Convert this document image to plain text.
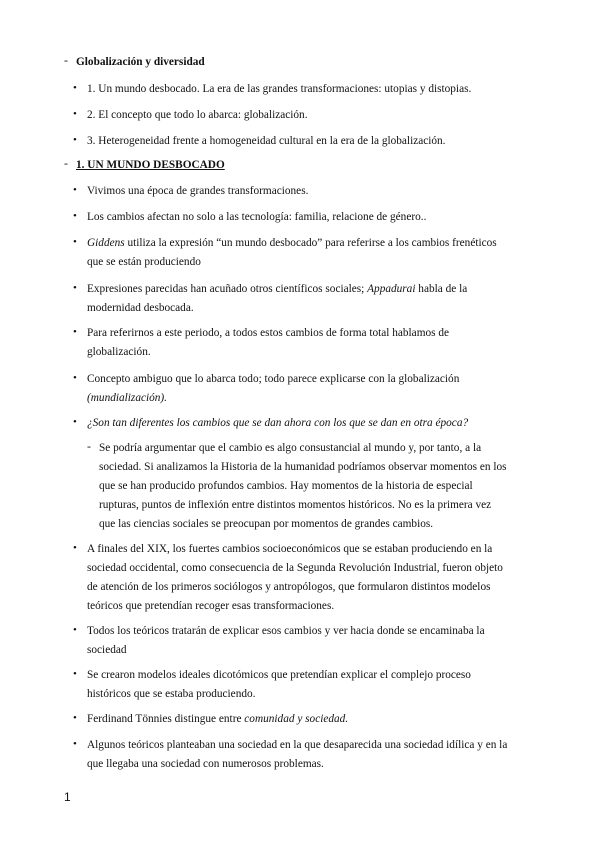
- Globalización y diversidad
• 1. Un mundo desbocado. La era de las grandes transformaciones: utopias y distopias.
• 2. El concepto que todo lo abarca: globalización.
• 3. Heterogeneidad frente a homogeneidad cultural en la era de la globalización.
- 1. UN MUNDO DESBOCADO
• Vivimos una época de grandes transformaciones.
• Los cambios afectan no solo a las tecnología: familia, relacione de género..
• Giddens utiliza la expresión “un mundo desbocado” para referirse a los cambios frenéticos
que se están produciendo
• Expresiones parecidas han acuñado otros científicos sociales; Appadurai habla de la
modernidad desbocada.
• Para referirnos a este periodo, a todos estos cambios de forma total hablamos de
globalización.
• Concepto ambiguo que lo abarca todo; todo parece explicarse con la globalización
(mundialización).
• ¿Son tan diferentes los cambios que se dan ahora con los que se dan en otra época?
- Se podría argumentar que el cambio es algo consustancial al mundo y, por tanto, a la
sociedad. Si analizamos la Historia de la humanidad podríamos observar momentos en los
que se han producido profundos cambios. Hay momentos de la historia de especial
rupturas, puntos de inflexión entre distintos momentos históricos. No es la primera vez
que las ciencias sociales se preocupan por momentos de grandes cambios.
• A finales del XIX, los fuertes cambios socioeconómicos que se estaban produciendo en la
sociedad occidental, como consecuencia de la Segunda Revolución Industrial, fueron objeto
de atención de los primeros sociólogos y antropólogos, que formularon distintos modelos
teóricos que pretendían recoger esas transformaciones.
• Todos los teóricos tratarán de explicar esos cambios y ver hacia donde se encaminaba la
sociedad
• Se crearon modelos ideales dicotómicos que pretendían explicar el complejo proceso
históricos que se estaba produciendo.
• Ferdinand Tönnies distingue entre comunidad y sociedad.
• Algunos teóricos planteaban una sociedad en la que desaparecida una sociedad idílica y en la
que llegaba una sociedad con numerosos problemas.
1
